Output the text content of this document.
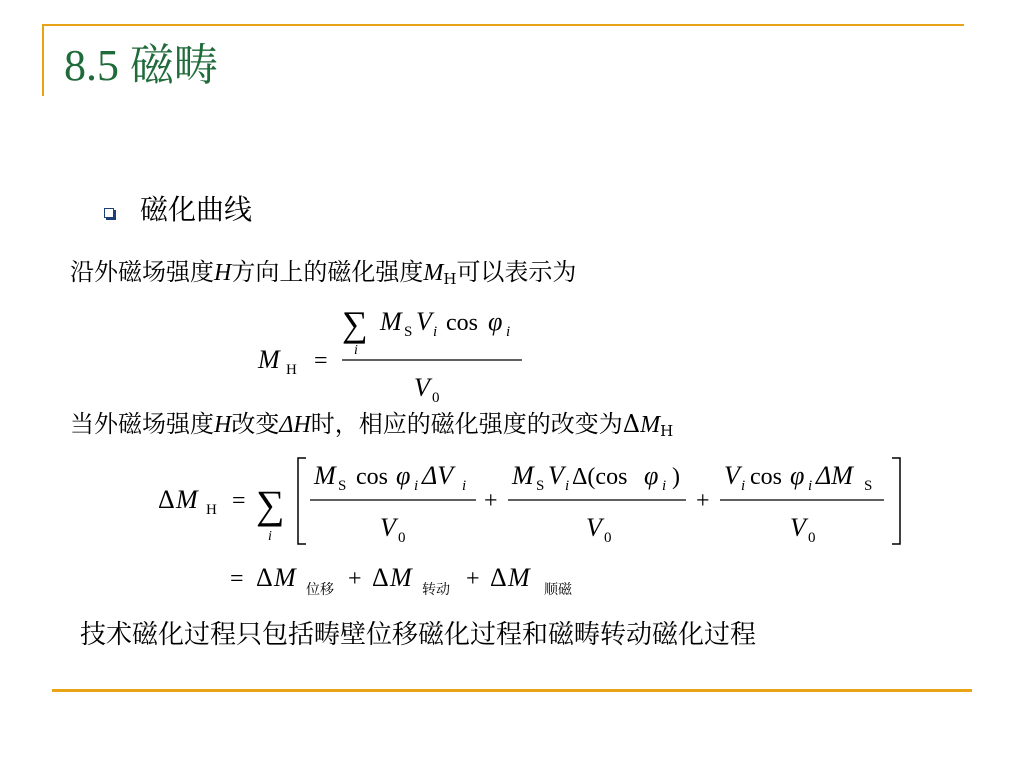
8.5 磁畴
磁化曲线
沿外磁场强度H方向上的磁化强度$M_H$可以表示为
M H =
∑
i
M S V i cos φ i
V 0
当外磁场强度H改变ΔH时，相应的磁化强度的改变为$\Delta M_H$
Δ M H = ∑
i
M S cos φ i ΔV i
V 0
+
M S V i Δ(cos φ i )
V 0
+
V i cos φ i ΔM S
V 0
= Δ M 位移 + Δ M 转动 + Δ M 顺磁
技术磁化过程只包括畴壁位移磁化过程和磁畴转动磁化过程
